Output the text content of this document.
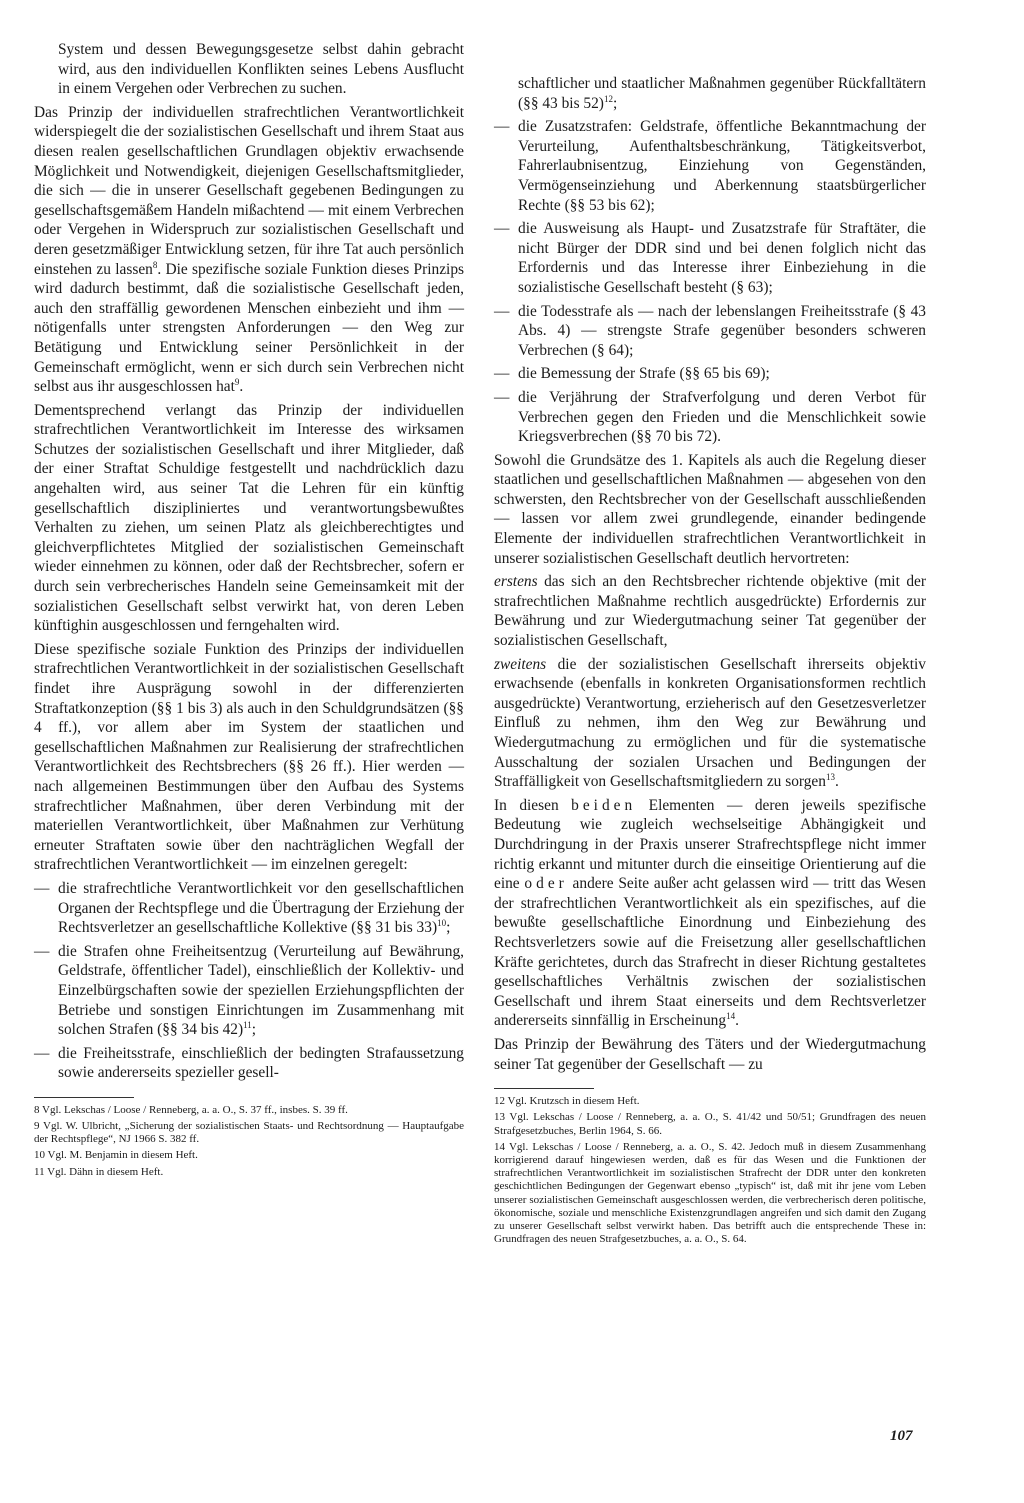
System und dessen Bewegungsgesetze selbst dahin gebracht wird, aus den individuellen Konflikten seines Lebens Ausflucht in einem Vergehen oder Verbrechen zu suchen.

Das Prinzip der individuellen strafrechtlichen Verantwortlichkeit widerspiegelt die der sozialistischen Gesellschaft und ihrem Staat aus diesen realen gesellschaftlichen Grundlagen objektiv erwachsende Möglichkeit und Notwendigkeit, diejenigen Gesellschaftsmitglieder, die sich — die in unserer Gesellschaft gegebenen Bedingungen zu gesellschaftsgemäßem Handeln mißachtend — mit einem Verbrechen oder Vergehen in Widerspruch zur sozialistischen Gesellschaft und deren gesetzmäßiger Entwicklung setzen, für ihre Tat auch persönlich einstehen zu lassen$^8$. Die spezifische soziale Funktion dieses Prinzips wird dadurch bestimmt, daß die sozialistische Gesellschaft jeden, auch den straffällig gewordenen Menschen einbezieht und ihm — nötigenfalls unter strengsten Anforderungen — den Weg zur Betätigung und Entwicklung seiner Persönlichkeit in der Gemeinschaft ermöglicht, wenn er sich durch sein Verbrechen nicht selbst aus ihr ausgeschlossen hat$^9$.

Dementsprechend verlangt das Prinzip der individuellen strafrechtlichen Verantwortlichkeit im Interesse des wirksamen Schutzes der sozialistischen Gesellschaft und ihrer Mitglieder, daß der einer Straftat Schuldige festgestellt und nachdrücklich dazu angehalten wird, aus seiner Tat die Lehren für ein künftig gesellschaftlich diszipliniertes und verantwortungsbewußtes Verhalten zu ziehen, um seinen Platz als gleichberechtigtes und gleichverpflichtetes Mitglied der sozialistischen Gemeinschaft wieder einnehmen zu können, oder daß der Rechtsbrecher, sofern er durch sein verbrecherisches Handeln seine Gemeinsamkeit mit der sozialistichen Gesellschaft selbst verwirkt hat, von deren Leben künftighin ausgeschlossen und ferngehalten wird.

Diese spezifische soziale Funktion des Prinzips der individuellen strafrechtlichen Verantwortlichkeit in der sozialistischen Gesellschaft findet ihre Ausprägung sowohl in der differenzierten Straftatkonzeption (§§ 1 bis 3) als auch in den Schuldgrundsätzen (§§ 4 ff.), vor allem aber im System der staatlichen und gesellschaftlichen Maßnahmen zur Realisierung der strafrechtlichen Verantwortlichkeit des Rechtsbrechers (§§ 26 ff.). Hier werden — nach allgemeinen Bestimmungen über den Aufbau des Systems strafrechtlicher Maßnahmen, über deren Verbindung mit der materiellen Verantwortlichkeit, über Maßnahmen zur Verhütung erneuter Straftaten sowie über den nachträglichen Wegfall der strafrechtlichen Verantwortlichkeit — im einzelnen geregelt:

— die strafrechtliche Verantwortlichkeit vor den gesellschaftlichen Organen der Rechtspflege und die Übertragung der Erziehung der Rechtsverletzer an gesellschaftliche Kollektive (§§ 31 bis 33)$^{10}$;
— die Strafen ohne Freiheitsentzug (Verurteilung auf Bewährung, Geldstrafe, öffentlicher Tadel), einschließlich der Kollektiv- und Einzelbürgschaften sowie der speziellen Erziehungspflichten der Betriebe und sonstigen Einrichtungen im Zusammenhang mit solchen Strafen (§§ 34 bis 42)$^{11}$;
— die Freiheitsstrafe, einschließlich der bedingten Strafaussetzung sowie andererseits spezieller gesell-

8 Vgl. Lekschas / Loose / Renneberg, a. a. O., S. 37 ff., insbes. S. 39 ff.

9 Vgl. W. Ulbricht, „Sicherung der sozialistischen Staats- und Rechtsordnung — Hauptaufgabe der Rechtspflege“, NJ 1966 S. 382 ff.

10 Vgl. M. Benjamin in diesem Heft.

11 Vgl. Dähn in diesem Heft.

schaftlicher und staatlicher Maßnahmen gegenüber Rückfalltätern (§§ 43 bis 52)$^{12}$;

— die Zusatzstrafen: Geldstrafe, öffentliche Bekanntmachung der Verurteilung, Aufenthaltsbeschränkung, Tätigkeitsverbot, Fahrerlaubnisentzug, Einziehung von Gegenständen, Vermögenseinziehung und Aberkennung staatsbürgerlicher Rechte (§§ 53 bis 62);
— die Ausweisung als Haupt- und Zusatzstrafe für Straftäter, die nicht Bürger der DDR sind und bei denen folglich nicht das Erfordernis und das Interesse ihrer Einbeziehung in die sozialistische Gesellschaft besteht (§ 63);
— die Todesstrafe als — nach der lebenslangen Freiheitsstrafe (§ 43 Abs. 4) — strengste Strafe gegenüber besonders schweren Verbrechen (§ 64);
— die Bemessung der Strafe (§§ 65 bis 69);
— die Verjährung der Strafverfolgung und deren Verbot für Verbrechen gegen den Frieden und die Menschlichkeit sowie Kriegsverbrechen (§§ 70 bis 72).

Sowohl die Grundsätze des 1. Kapitels als auch die Regelung dieser staatlichen und gesellschaftlichen Maßnahmen — abgesehen von den schwersten, den Rechtsbrecher von der Gesellschaft ausschließenden — lassen vor allem zwei grundlegende, einander bedingende Elemente der individuellen strafrechtlichen Verantwortlichkeit in unserer sozialistischen Gesellschaft deutlich hervortreten:

erstens das sich an den Rechtsbrecher richtende objektive (mit der strafrechtlichen Maßnahme rechtlich ausgedrückte) Erfordernis zur Bewährung und zur Wiedergutmachung seiner Tat gegenüber der sozialistischen Gesellschaft,

zweitens die der sozialistischen Gesellschaft ihrerseits objektiv erwachsende (ebenfalls in konkreten Organisationsformen rechtlich ausgedrückte) Verantwortung, erzieherisch auf den Gesetzesverletzer Einfluß zu nehmen, ihm den Weg zur Bewährung und Wiedergutmachung zu ermöglichen und für die systematische Ausschaltung der sozialen Ursachen und Bedingungen der Straffälligkeit von Gesellschaftsmitgliedern zu sorgen$^{13}$.

In diesen beiden Elementen — deren jeweils spezifische Bedeutung wie zugleich wechselseitige Abhängigkeit und Durchdringung in der Praxis unserer Strafrechtspflege nicht immer richtig erkannt und mitunter durch die einseitige Orientierung auf die eine oder andere Seite außer acht gelassen wird — tritt das Wesen der strafrechtlichen Verantwortlichkeit als ein spezifisches, auf die bewußte gesellschaftliche Einordnung und Einbeziehung des Rechtsverletzers sowie auf die Freisetzung aller gesellschaftlichen Kräfte gerichtetes, durch das Strafrecht in dieser Richtung gestaltetes gesellschaftliches Verhältnis zwischen der sozialistischen Gesellschaft und ihrem Staat einerseits und dem Rechtsverletzer andererseits sinnfällig in Erscheinung$^{14}$.

Das Prinzip der Bewährung des Täters und der Wiedergutmachung seiner Tat gegenüber der Gesellschaft — zu

12 Vgl. Krutzsch in diesem Heft.

13 Vgl. Lekschas / Loose / Renneberg, a. a. O., S. 41/42 und 50/51; Grundfragen des neuen Strafgesetzbuches, Berlin 1964, S. 66.

14 Vgl. Lekschas / Loose / Renneberg, a. a. O., S. 42. Jedoch muß in diesem Zusammenhang korrigierend darauf hingewiesen werden, daß es für das Wesen und die Funktionen der strafrechtlichen Verantwortlichkeit im sozialistischen Strafrecht der DDR unter den konkreten geschichtlichen Bedingungen der Gegenwart ebenso „typisch“ ist, daß mit ihr jene vom Leben unserer sozialistischen Gemeinschaft ausgeschlossen werden, die verbrecherisch deren politische, ökonomische, soziale und menschliche Existenzgrundlagen angreifen und sich damit den Zugang zu unserer Gesellschaft selbst verwirkt haben. Das betrifft auch die entsprechende These in: Grundfragen des neuen Strafgesetzbuches, a. a. O., S. 64.

107
